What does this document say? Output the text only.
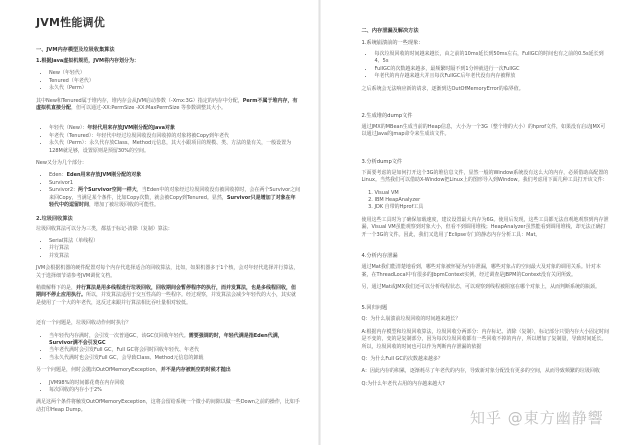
JVM性能调优
一、JVM内存模型及垃圾收集算法

1.根据Java虚拟机规范，JVM将内存划分为：

• New（年轻代）
• Tenured（年老代）
• 永久代（Perm）

其中New和Tenured属于堆内存，堆内存会从JVM启动参数（-Xmx:3G）指定的内存中分配，Perm不属于堆内存，有虚拟机直接分配，但可以通过-XX:PermSize -XX:MaxPermSize 等参数调整其大小。

• 年轻代（New）：年轻代用来存放JVM刚分配的Java对象
• 年老代（Tenured）：年轻代中经过垃圾回收没有回收掉的对象将被Copy到年老代
• 永久代（Perm）：永久代存放Class、Method元信息，其大小跟项目的规模、类、方法的量有关，一般设置为128M就足够，设置原则是预留30%的空间。

New又分为几个部分：

• Eden：Eden用来存放JVM刚分配的对象
• Survivor1
• Survivor2：两个Survivor空间一样大，当Eden中的对象经过垃圾回收没有被回收掉时，会在两个Survivor之间来回Copy，当满足某个条件，比如Copy次数，就会被Copy到Tenured。显然，Survivor只是增加了对象在年轻代中的逗留时间，增加了被垃圾回收的可能性。
2.垃圾回收算法

垃圾回收算法可以分为三类，都基于标记-清除（复制）算法：

• Serial算法（单线程）
• 并行算法
• 并发算法

JVM会根据机器的硬件配置对每个内存代选择适合的回收算法，比如，如果机器多于1个核，会对年轻代选择并行算法，关于选择细节请参考JVM调优文档。

稍微解释下的是，并行算法是用多线程进行垃圾回收，回收期间会暂停程序的执行，而并发算法，也是多线程回收，但期间不停止应用执行。所以，并发算法适用于交互性高的一些程序。经过观察，并发算法会减少年轻代的大小，其实就是使用了一个大的年老代，这反过来跟并行算法相比吞吐量相对较低。

还有一个问题是，垃圾回收动作何时执行？

• 当年轻代内存满时，会引发一次普通GC，该GC仅回收年轻代。需要强调的时，年轻代满是指Eden代满，Survivor满不会引发GC
• 当年老代满时会引发Full GC，Full GC将会同时回收年轻代、年老代
• 当永久代满时也会引发Full GC，会导致Class、Method元信息的卸载

另一个问题是，何时会抛出OutOfMemoryException，并不是内存被耗空的时候才抛出

• JVM98%的时间都花费在内存回收
• 每次回收的内存小于2%

满足这两个条件将触发OutOfMemoryException，这将会留给系统一个微小的间隙以做一些Down之前的操作，比如手动打印Heap Dump。

二、内存泄漏及解决方法
1.系统崩溃前的一些现象：
• 每次垃圾回收的时间越来越长，由之前的10ms延长到50ms左右，FullGC的时间也有之前的0.5s延长到4、5s
• FullGC的次数越来越多，最频繁时隔不到1分钟就进行一次FullGC
• 年老代的内存越来越大并且每次FullGC后年老代没有内存被释放

之后系统会无法响应新的请求，逐渐到达OutOfMemoryError的临界值。

2.生成堆的dump文件

通过JMX的MBean生成当前的Heap信息，大小为一个3G（整个堆的大小）的hprof文件，如果没有启动JMX可以通过Java的jmap命令来生成该文件。

3.分析dump文件

下面要考虑的是如何打开这个3G的堆信息文件，显然一般的Window系统没有这么大的内存，必须借助高配置的Linux。当然我们可以借助X-Window把Linux上的图形导入到Window。我们考虑用下面几种工具打开该文件：

1. Visual VM
2. IBM HeapAnalyzer
3. JDK 自带的Hprof工具

使用这些工具时为了确保加载速度，建议设置最大内存为6G。使用后发现，这些工具都无法直观地观察到内存泄漏，Visual VM虽能观察到对象大小，但看不到调用堆栈；HeapAnalyzer虽然能看到调用堆栈，却无法正确打开一个3G的文件。因此，我们又选用了Eclipse专门的静态内存分析工具：Mat。

4.分析内存泄漏

通过Mat我们能清楚地看到，哪些对象被怀疑为内存泄漏，哪些对象占的空间最大及对象的调用关系。针对本案，在ThreadLocal中有很多的JbpmContext实例，经过调查是JBPM的Context没有关闭所致。

另，通过Mat或JMX我们还可以分析线程状态，可以观察到线程被阻塞在哪个对象上，从而判断系统的瓶颈。

5.回归问题

Q：为什么崩溃前垃圾回收的时间越来越长？

A:根据内存模型和垃圾回收算法，垃圾回收分两部分：内存标记、清除（复制），标记部分只要内存大小固定时间是不变的，变的是复制部分，因为每次垃圾回收都有一些回收不掉的内存，所以增加了复制量，导致时间延长。所以，垃圾回收的时间也可以作为判断内存泄漏的依据

Q：为什么Full GC的次数越来越多？

A：因此内存的积累，逐渐耗尽了年老代的内存，导致新对象分配没有更多的空间，从而导致频繁的垃圾回收

Q:为什么年老代占用的内存越来越大?

知乎 @東方幽静響
